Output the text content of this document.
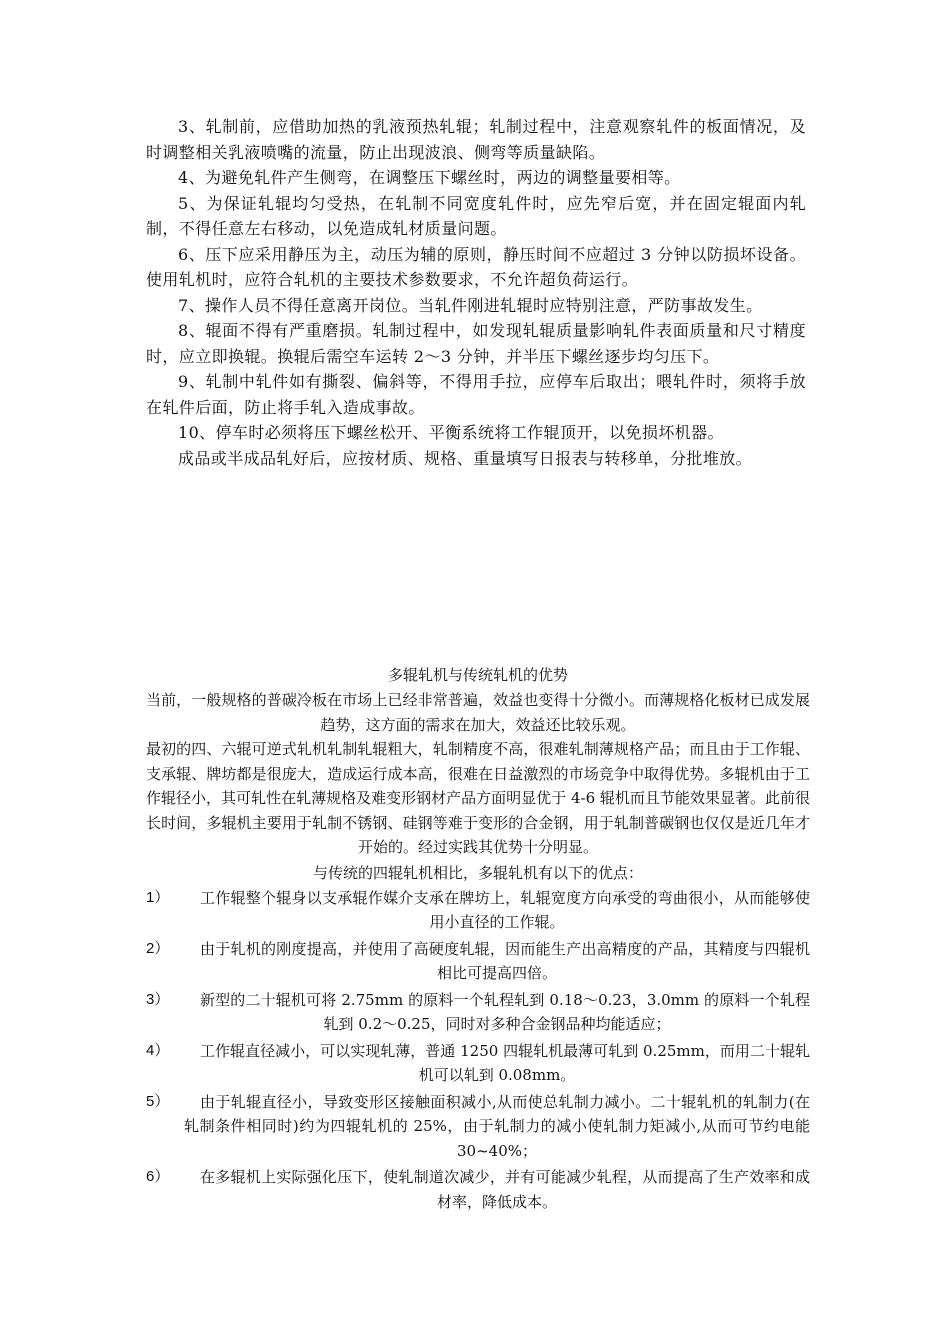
3、轧制前，应借助加热的乳液预热轧辊；轧制过程中，注意观察轧件的板面情况，及时调整相关乳液喷嘴的流量，防止出现波浪、侧弯等质量缺陷。

4、为避免轧件产生侧弯，在调整压下螺丝时，两边的调整量要相等。

5、为保证轧辊均匀受热，在轧制不同宽度轧件时，应先窄后宽，并在固定辊面内轧制，不得任意左右移动，以免造成轧材质量问题。

6、压下应采用静压为主，动压为辅的原则，静压时间不应超过 3 分钟以防损坏设备。使用轧机时，应符合轧机的主要技术参数要求，不允许超负荷运行。

7、操作人员不得任意离开岗位。当轧件刚进轧辊时应特别注意，严防事故发生。

8、辊面不得有严重磨损。轧制过程中，如发现轧辊质量影响轧件表面质量和尺寸精度时，应立即换辊。换辊后需空车运转 2～3 分钟，并半压下螺丝逐步均匀压下。

9、轧制中轧件如有撕裂、偏斜等，不得用手拉，应停车后取出；喂轧件时，须将手放在轧件后面，防止将手轧入造成事故。

10、停车时必须将压下螺丝松开、平衡系统将工作辊顶开，以免损坏机器。

成品或半成品轧好后，应按材质、规格、重量填写日报表与转移单，分批堆放。

多辊轧机与传统轧机的优势

当前，一般规格的普碳冷板在市场上已经非常普遍，效益也变得十分微小。而薄规格化板材已成发展趋势，这方面的需求在加大，效益还比较乐观。

最初的四、六辊可逆式轧机轧制轧辊粗大，轧制精度不高，很难轧制薄规格产品；而且由于工作辊、支承辊、牌坊都是很庞大，造成运行成本高，很难在日益激烈的市场竞争中取得优势。多辊机由于工作辊径小，其可轧性在轧薄规格及难变形钢材产品方面明显优于 4-6 辊机而且节能效果显著。此前很长时间，多辊机主要用于轧制不锈钢、硅钢等难于变形的合金钢，用于轧制普碳钢也仅仅是近几年才开始的。经过实践其优势十分明显。

与传统的四辊轧机相比，多辊轧机有以下的优点：

1）	工作辊整个辊身以支承辊作媒介支承在牌坊上，轧辊宽度方向承受的弯曲很小，从而能够使用小直径的工作辊。
2）	由于轧机的刚度提高，并使用了高硬度轧辊，因而能生产出高精度的产品，其精度与四辊机相比可提高四倍。
3）	新型的二十辊机可将 2.75mm 的原料一个轧程轧到 0.18～0.23，3.0mm 的原料一个轧程轧到 0.2～0.25，同时对多种合金钢品种均能适应；
4）	工作辊直径减小，可以实现轧薄，普通 1250 四辊轧机最薄可轧到 0.25mm，而用二十辊轧机可以轧到 0.08mm。
5）	由于轧辊直径小，导致变形区接触面积减小,从而使总轧制力减小。二十辊轧机的轧制力(在轧制条件相同时)约为四辊轧机的 25%，由于轧制力的减小使轧制力矩减小,从而可节约电能 30~40%；
6）	在多辊机上实际强化压下，使轧制道次减少，并有可能减少轧程，从而提高了生产效率和成材率，降低成本。
